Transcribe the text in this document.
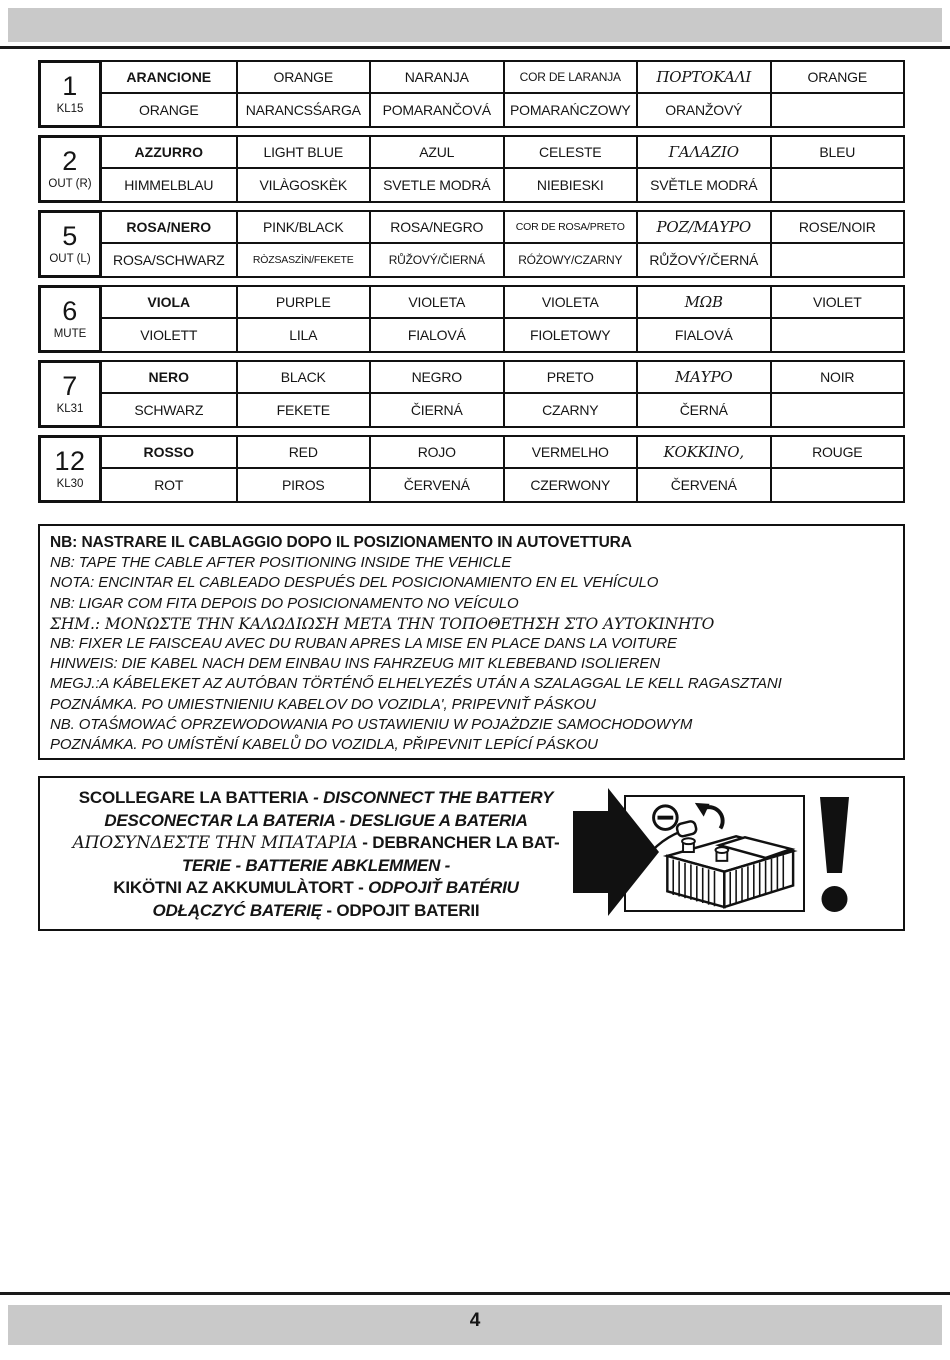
1
KL15
ARANCIONE	ORANGE	NARANJA	COR DE LARANJA	ΠΟΡΤΟΚΑΛΙ	ORANGE
ORANGE	NARANCSŚARGA	POMARANČOVÁ	POMARAŃCZOWY	ORANŽOVÝ
2
OUT (R)
AZZURRO	LIGHT BLUE	AZUL	CELESTE	ΓΑΛΑΖΙΟ	BLEU
HIMMELBLAU	VILÀGOSKÈK	SVETLE MODRÁ	NIEBIESKI	SVĚTLE MODRÁ
5
OUT (L)
ROSA/NERO	PINK/BLACK	ROSA/NEGRO	COR DE ROSA/PRETO	ΡΟΖ/ΜΑΥΡΟ	ROSE/NOIR
ROSA/SCHWARZ	RÒZSASZÌN/FEKETE	RŮŽOVÝ/ČIERNÁ	RÓŻOWY/CZARNY	RŮŽOVÝ/ČERNÁ
6
MUTE
VIOLA	PURPLE	VIOLETA	VIOLETA	ΜΩΒ	VIOLET
VIOLETT	LILA	FIALOVÁ	FIOLETOWY	FIALOVÁ
7
KL31
NERO	BLACK	NEGRO	PRETO	ΜΑΥΡΟ	NOIR
SCHWARZ	FEKETE	ČIERNÁ	CZARNY	ČERNÁ
12
KL30
ROSSO	RED	ROJO	VERMELHO	ΚΟΚΚΙΝΟ,	ROUGE
ROT	PIROS	ČERVENÁ	CZERWONY	ČERVENÁ
NB: NASTRARE IL CABLAGGIO DOPO IL POSIZIONAMENTO IN AUTOVETTURA
NB: TAPE THE CABLE AFTER POSITIONING INSIDE THE VEHICLE
NOTA: ENCINTAR EL CABLEADO DESPUÉS DEL POSICIONAMIENTO EN EL VEHÍCULO
NB: LIGAR COM FITA DEPOIS DO POSICIONAMENTO NO VEÍCULO
ΣΗΜ.: ΜΟΝΩΣΤΕ ΤΗΝ ΚΑΛΩΔΙΩΣΗ ΜΕΤΑ ΤΗΝ ΤΟΠΟΘΕΤΗΣΗ ΣΤΟ ΑΥΤΟΚΙΝΗΤΟ
NB: FIXER LE FAISCEAU AVEC DU RUBAN APRES LA MISE EN PLACE DANS LA VOITURE
HINWEIS: DIE KABEL NACH DEM EINBAU INS FAHRZEUG MIT KLEBEBAND ISOLIEREN
MEGJ.:A KÁBELEKET AZ AUTÓBAN TÖRTÉNŐ ELHELYEZÉS UTÁN A SZALAGGAL LE KELL RAGASZTANI
POZNÁMKA. PO UMIESTNIENIU KABELOV DO VOZIDLA', PRIPEVNIŤ PÁSKOU
NB. OTAŚMOWAĆ OPRZEWODOWANIA PO USTAWIENIU W POJAŻDZIE SAMOCHODOWYM
POZNÁMKA. PO UMÍSTĚNÍ KABELŮ DO VOZIDLA, PŘIPEVNIT LEPÍCÍ PÁSKOU
SCOLLEGARE LA BATTERIA - DISCONNECT THE BATTERY
DESCONECTAR LA BATERIA - DESLIGUE A BATERIA
ΑΠΟΣΥΝΔΕΣΤΕ ΤΗΝ ΜΠΑΤΑΡΙΑ - DEBRANCHER LA BAT-
TERIE - BATTERIE ABKLEMMEN -
KIKÖTNI AZ AKKUMULÀTORT - ODPOJIŤ BATÉRIU
ODŁĄCZYĆ BATERIĘ - ODPOJIT BATERII
4
